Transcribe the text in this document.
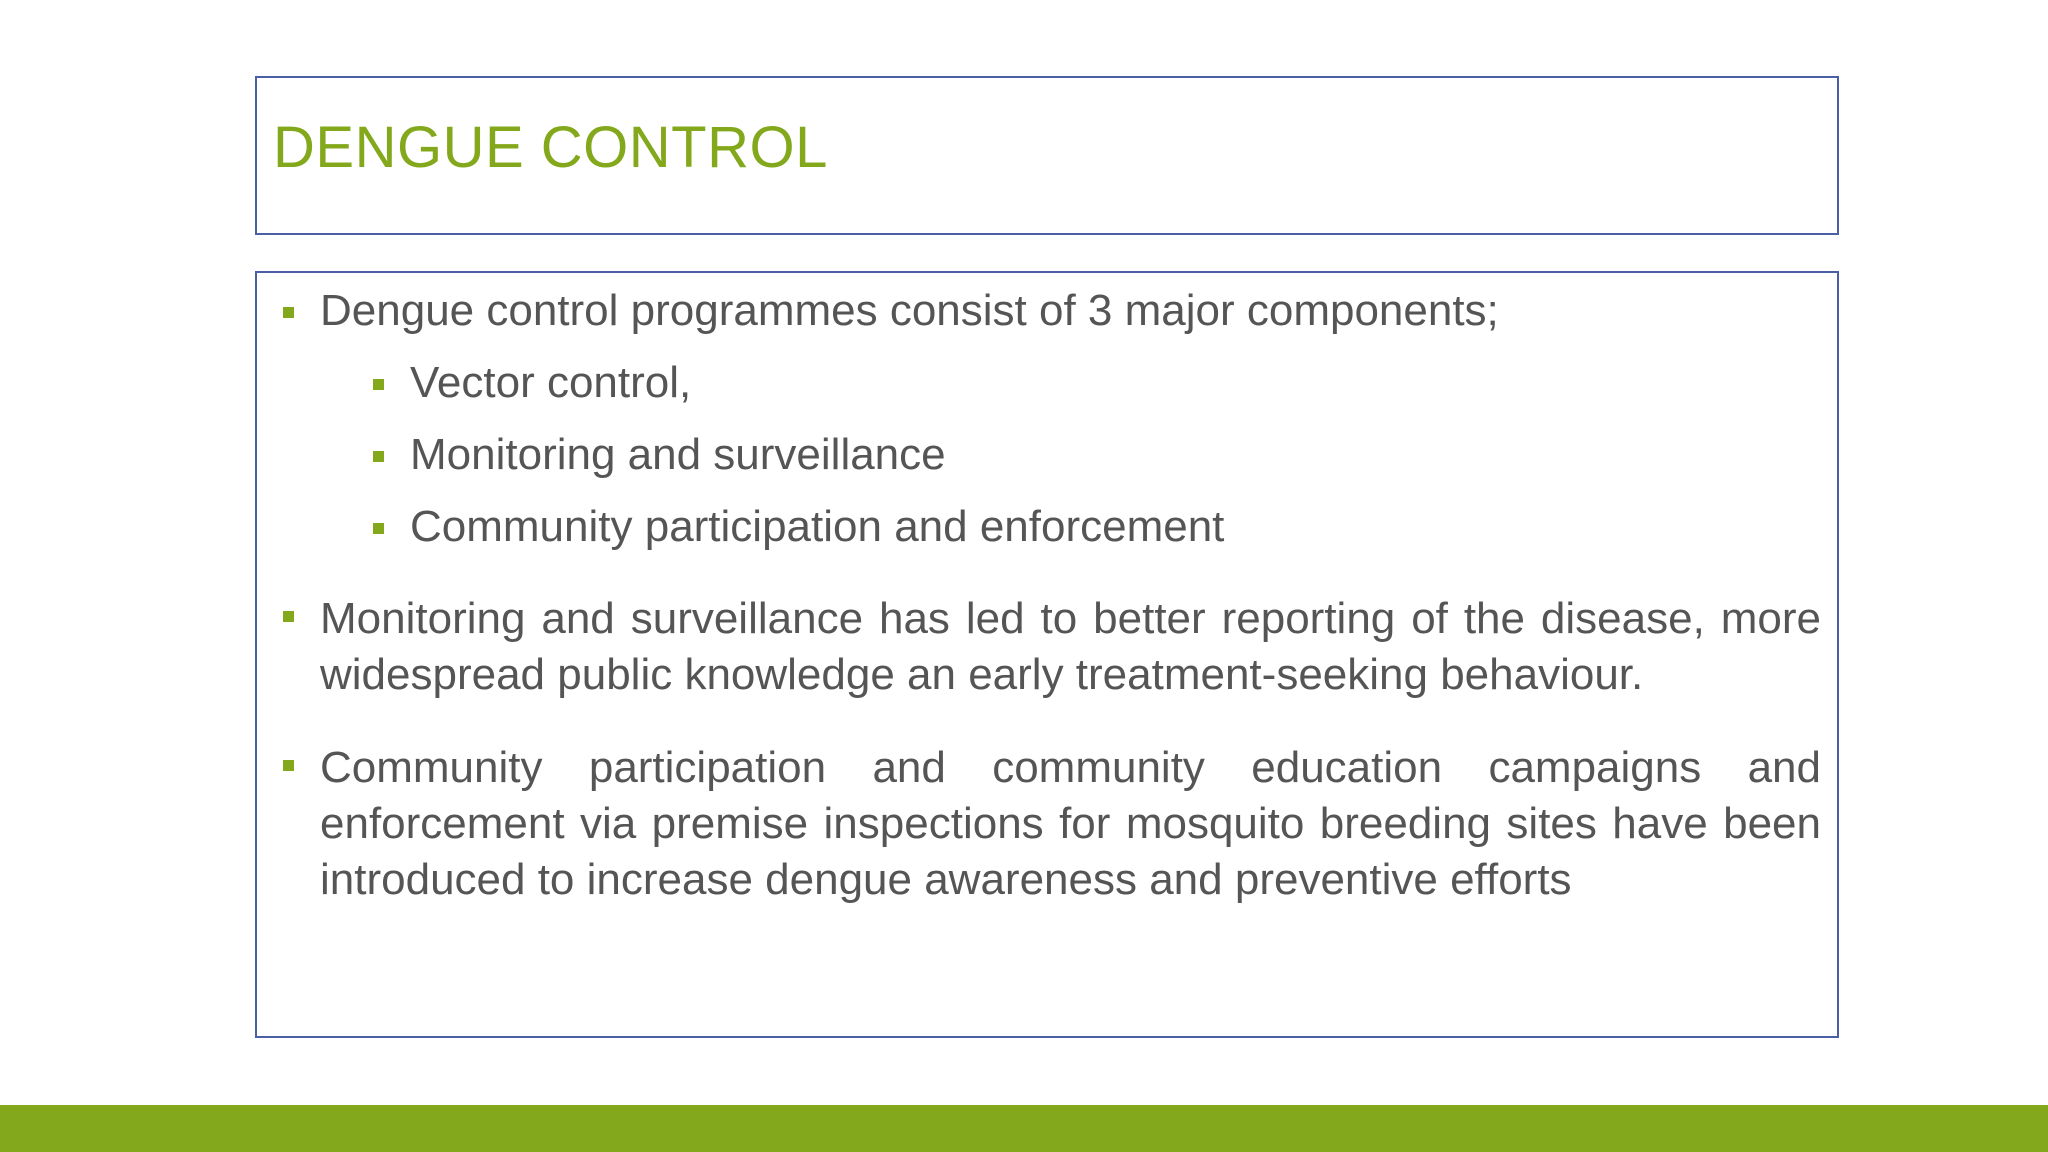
DENGUE CONTROL
Dengue control programmes consist of 3 major components;
Vector control,
Monitoring and surveillance
Community participation and enforcement
Monitoring and surveillance has led to better reporting of the disease, more widespread public knowledge an early treatment-seeking behaviour.
Community participation and community education campaigns and enforcement via premise inspections for mosquito breeding sites have been introduced to increase dengue awareness and preventive efforts
